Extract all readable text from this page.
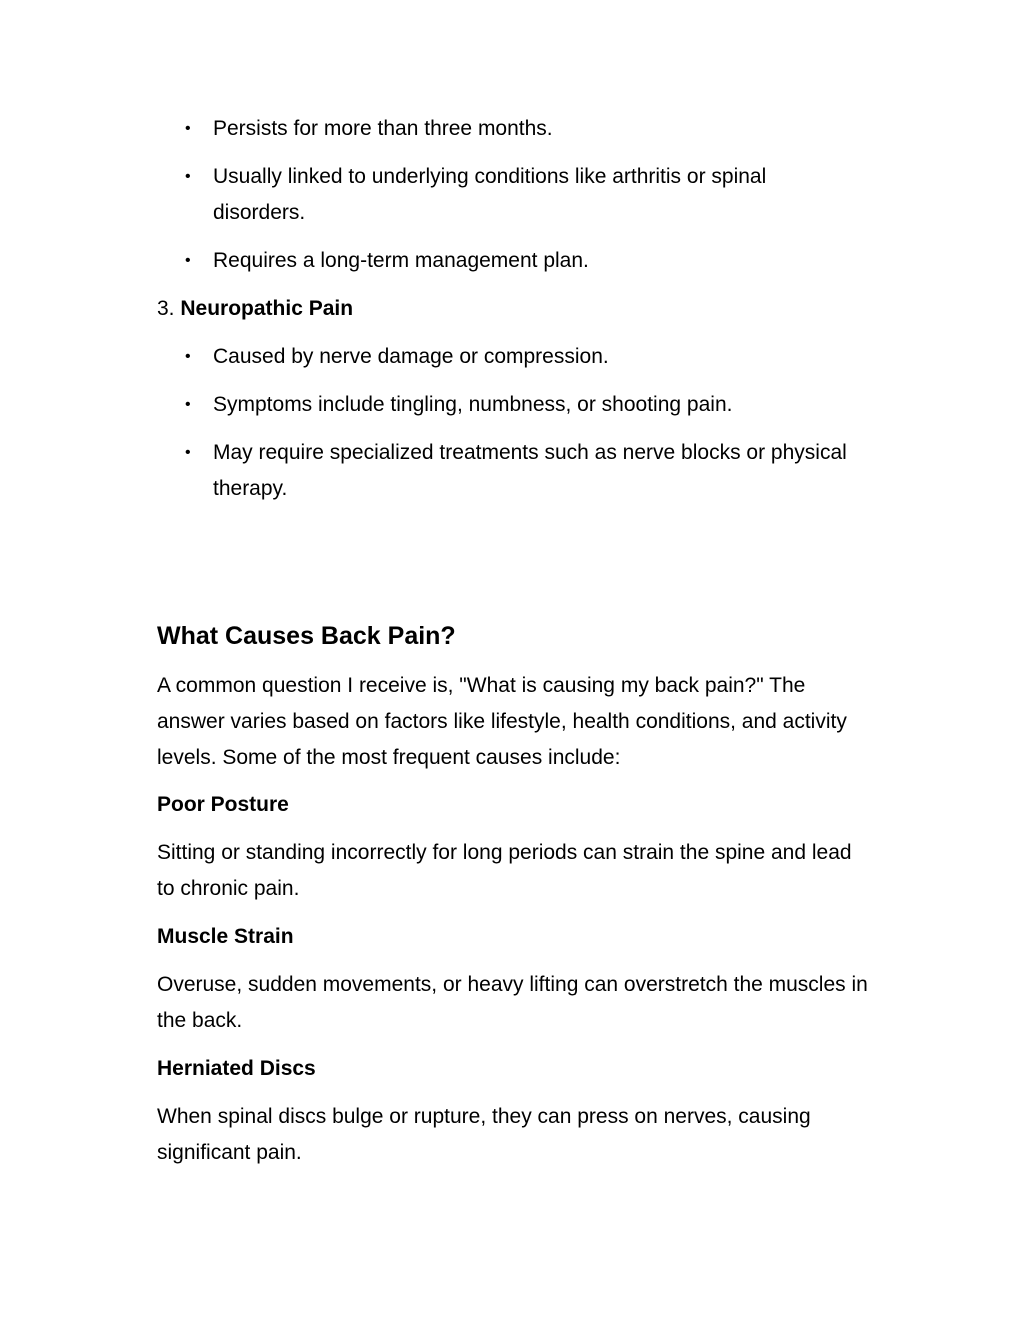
• Persists for more than three months.
• Usually linked to underlying conditions like arthritis or spinal disorders.
• Requires a long-term management plan.
3. Neuropathic Pain
• Caused by nerve damage or compression.
• Symptoms include tingling, numbness, or shooting pain.
• May require specialized treatments such as nerve blocks or physical therapy.
What Causes Back Pain?
A common question I receive is, "What is causing my back pain?" The answer varies based on factors like lifestyle, health conditions, and activity levels. Some of the most frequent causes include:
Poor Posture
Sitting or standing incorrectly for long periods can strain the spine and lead to chronic pain.
Muscle Strain
Overuse, sudden movements, or heavy lifting can overstretch the muscles in the back.
Herniated Discs
When spinal discs bulge or rupture, they can press on nerves, causing significant pain.
